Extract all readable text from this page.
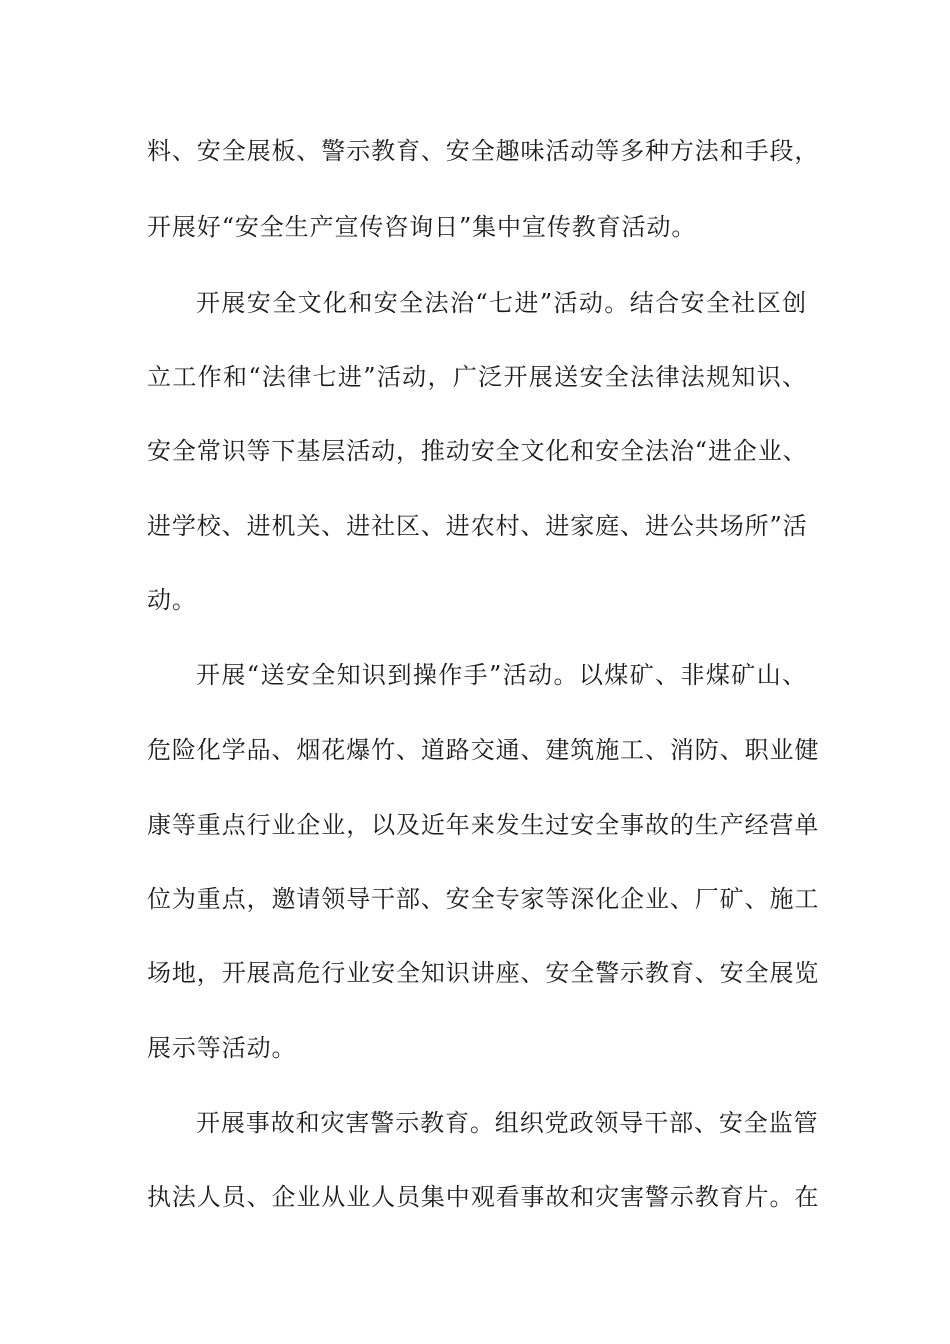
料、安全展板、警示教育、安全趣味活动等多种方法和手段，
开展好“安全生产宣传咨询日”集中宣传教育活动。
开展安全文化和安全法治“七进”活动。结合安全社区创
立工作和“法律七进”活动，广泛开展送安全法律法规知识、
安全常识等下基层活动，推动安全文化和安全法治“进企业、
进学校、进机关、进社区、进农村、进家庭、进公共场所”活
动。
开展“送安全知识到操作手”活动。以煤矿、非煤矿山、
危险化学品、烟花爆竹、道路交通、建筑施工、消防、职业健
康等重点行业企业，以及近年来发生过安全事故的生产经营单
位为重点，邀请领导干部、安全专家等深化企业、厂矿、施工
场地，开展高危行业安全知识讲座、安全警示教育、安全展览
展示等活动。
开展事故和灾害警示教育。组织党政领导干部、安全监管
执法人员、企业从业人员集中观看事故和灾害警示教育片。在
